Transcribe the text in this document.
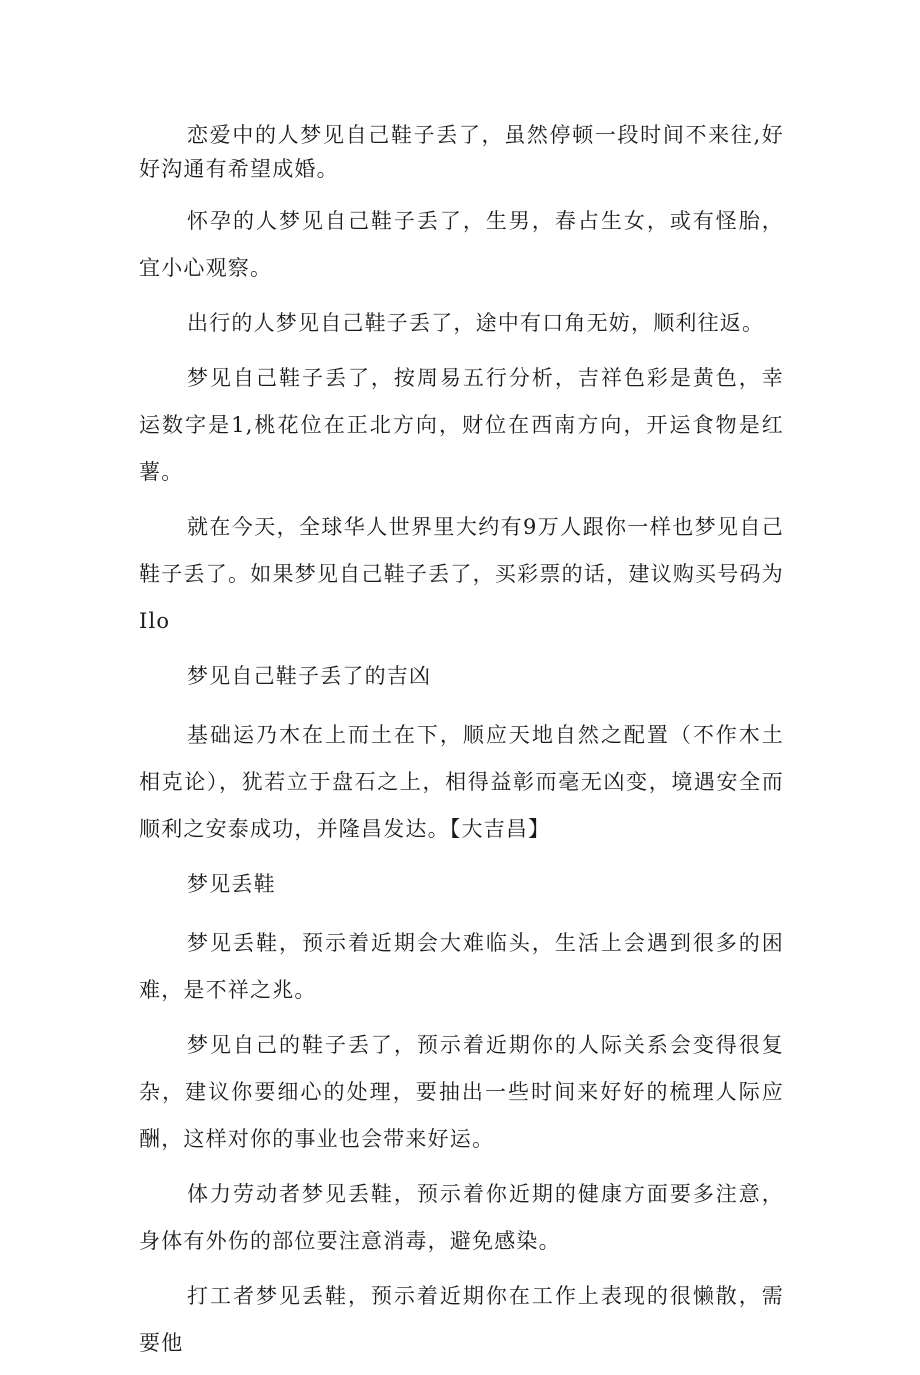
恋爱中的人梦见自己鞋子丢了，虽然停顿一段时间不来往,好好沟通有希望成婚。

怀孕的人梦见自己鞋子丢了，生男，春占生女，或有怪胎，宜小心观察。

出行的人梦见自己鞋子丢了，途中有口角无妨，顺利往返。

梦见自己鞋子丢了，按周易五行分析，吉祥色彩是黄色，幸运数字是1,桃花位在正北方向，财位在西南方向，开运食物是红薯。

就在今天，全球华人世界里大约有9万人跟你一样也梦见自己鞋子丢了。如果梦见自己鞋子丢了，买彩票的话，建议购买号码为Ilo

梦见自己鞋子丢了的吉凶

基础运乃木在上而土在下，顺应天地自然之配置（不作木土相克论），犹若立于盘石之上，相得益彰而毫无凶变，境遇安全而顺利之安泰成功，并隆昌发达。【大吉昌】

梦见丢鞋

梦见丢鞋，预示着近期会大难临头，生活上会遇到很多的困难，是不祥之兆。

梦见自己的鞋子丢了，预示着近期你的人际关系会变得很复杂，建议你要细心的处理，要抽出一些时间来好好的梳理人际应酬，这样对你的事业也会带来好运。

体力劳动者梦见丢鞋，预示着你近期的健康方面要多注意，身体有外伤的部位要注意消毒，避免感染。

打工者梦见丢鞋，预示着近期你在工作上表现的很懒散，需要他
